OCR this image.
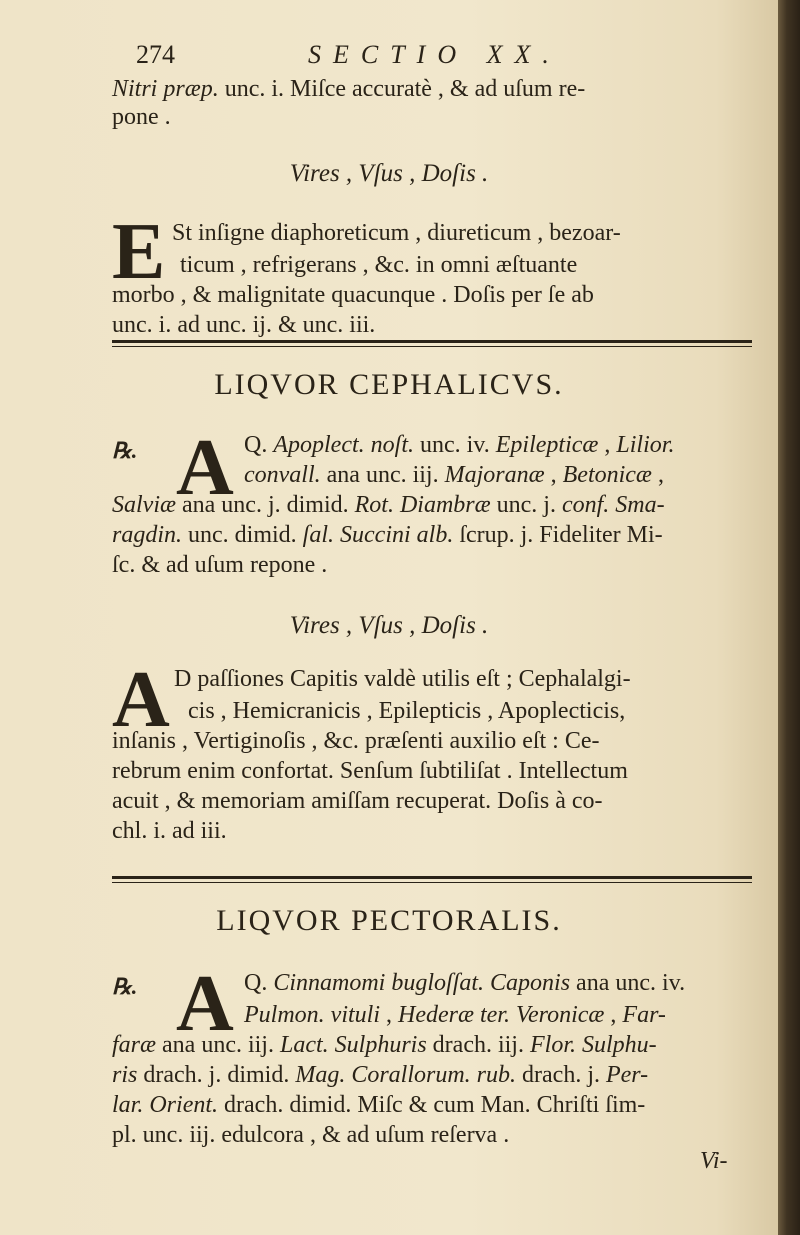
274	SECTIO XX.
Nitri præp. unc. i. Miſce accuratè , & ad uſum re-
pone .
Vires , Vſus , Doſis .
E St inſigne diaphoreticum , diureticum , bezoar-
ticum , refrigerans , &c. in omni æſtuante
morbo , & malignitate quacunque . Doſis per ſe ab
unc. i. ad unc. ij. & unc. iii.
LIQVOR CEPHALICVS.
℞. A Q. Apoplect. noſt. unc. iv. Epilepticæ , Lilior.
convall. ana unc. iij. Majoranæ , Betonicæ ,
Salviæ ana unc. j. dimid. Rot. Diambræ unc. j. conf. Sma-
ragdin. unc. dimid. ſal. Succini alb. ſcrup. j. Fideliter Mi-
ſc. & ad uſum repone .
Vires , Vſus , Doſis .
A D paſſiones Capitis valdè utilis eſt ; Cephalalgi-
cis , Hemicranicis , Epilepticis , Apoplecticis,
inſanis , Vertiginoſis , &c. præſenti auxilio eſt : Ce-
rebrum enim confortat. Senſum ſubtiliſat . Intellectum
acuit , & memoriam amiſſam recuperat. Doſis à co-
chl. i. ad iii.
LIQVOR PECTORALIS.
℞. A Q. Cinnamomi bugloſſat. Caponis ana unc. iv.
Pulmon. vituli , Hederæ ter. Veronicæ , Far-
faræ ana unc. iij. Lact. Sulphuris drach. iij. Flor. Sulphu-
ris drach. j. dimid. Mag. Corallorum. rub. drach. j. Per-
lar. Orient. drach. dimid. Miſc & cum Man. Chriſti ſim-
pl. unc. iij. edulcora , & ad uſum reſerva .
Vi-
